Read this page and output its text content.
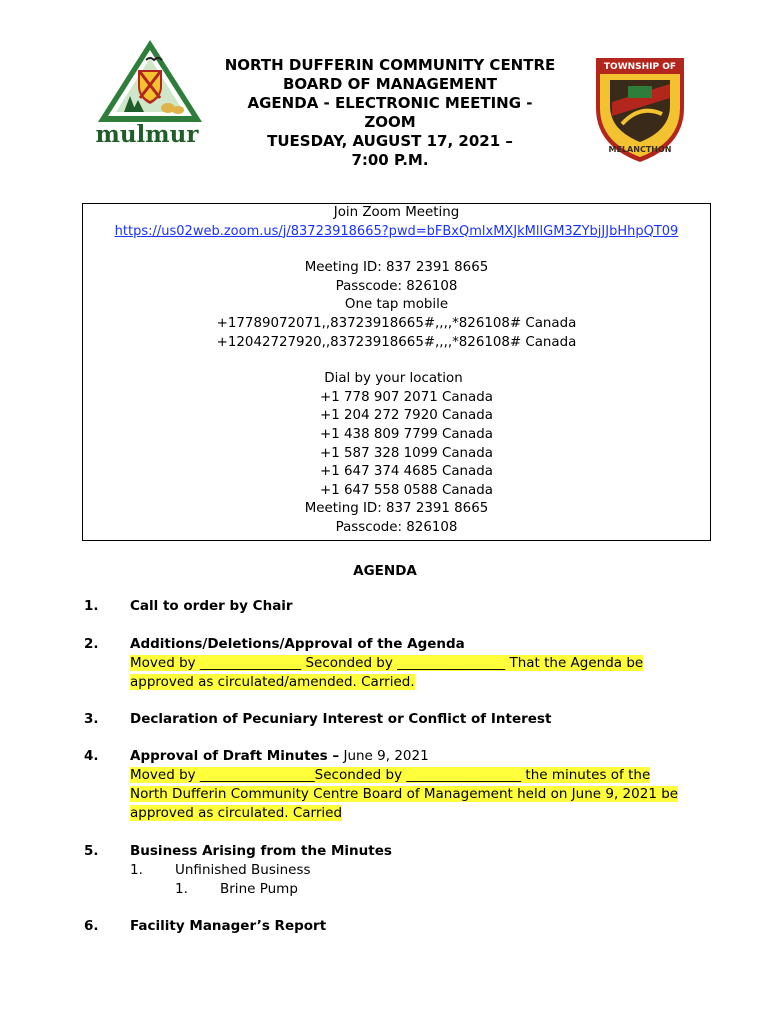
mulmur
NORTH DUFFERIN COMMUNITY CENTRE
BOARD OF MANAGEMENT
AGENDA - ELECTRONIC MEETING -
ZOOM
TUESDAY, AUGUST 17, 2021 –
7:00 P.M.
TOWNSHIP OF
MELANCTHON
Join Zoom Meeting
https://us02web.zoom.us/j/83723918665?pwd=bFBxQmlxMXJkMllGM3ZYbjJJbHhpQT09
Meeting ID: 837 2391 8665
Passcode: 826108
One tap mobile
+17789072071,,83723918665#,,,,*826108# Canada
+12042727920,,83723918665#,,,,*826108# Canada
Dial by your location
+1 778 907 2071 Canada
+1 204 272 7920 Canada
+1 438 809 7799 Canada
+1 587 328 1099 Canada
+1 647 374 4685 Canada
+1 647 558 0588 Canada
Meeting ID: 837 2391 8665
Passcode: 826108
AGENDA
1. Call to order by Chair
2. Additions/Deletions/Approval of the Agenda
Moved by _______________ Seconded by ________________ That the Agenda be
approved as circulated/amended. Carried.
3. Declaration of Pecuniary Interest or Conflict of Interest
4. Approval of Draft Minutes – June 9, 2021
Moved by _________________Seconded by _________________ the minutes of the
North Dufferin Community Centre Board of Management held on June 9, 2021 be
approved as circulated. Carried
5. Business Arising from the Minutes
1. Unfinished Business
1. Brine Pump
6. Facility Manager’s Report
